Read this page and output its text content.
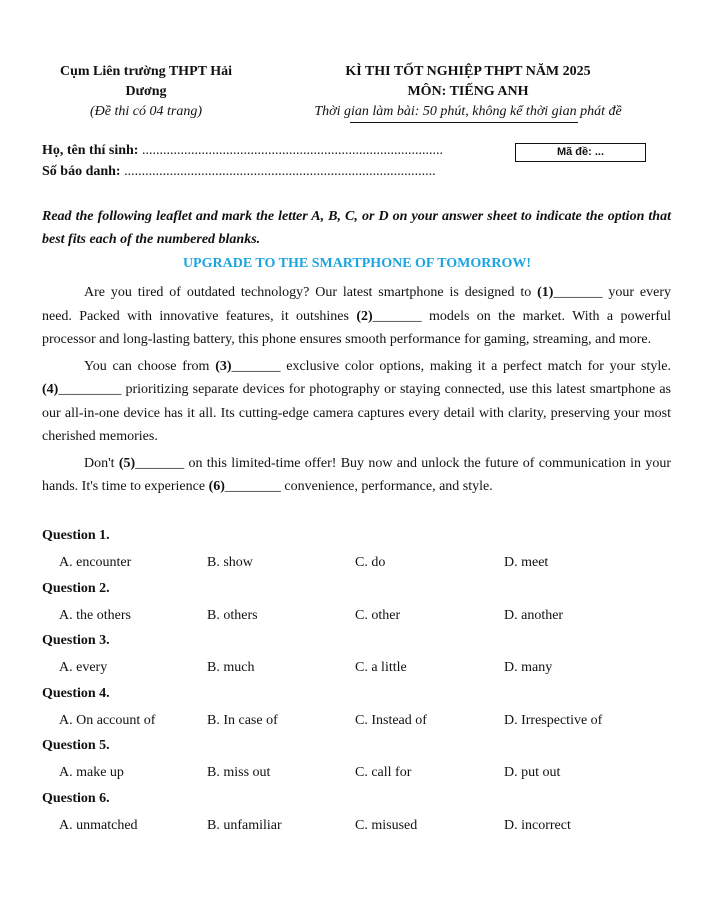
Cụm Liên trường THPT Hải
Dương
(Đề thi có 04 trang)
KÌ THI TỐT NGHIỆP THPT NĂM 2025
MÔN: TIẾNG ANH
Thời gian làm bài: 50 phút, không kể thời gian phát đề
Họ, tên thí sinh: ......................................................................................
Số báo danh: .........................................................................................
Mã đề: ...
Read the following leaflet and mark the letter A, B, C, or D on your answer sheet to indicate the option that best fits each of the numbered blanks.
UPGRADE TO THE SMARTPHONE OF TOMORROW!

Are you tired of outdated technology? Our latest smartphone is designed to (1)_______ your every need. Packed with innovative features, it outshines (2)_______ models on the market. With a powerful processor and long-lasting battery, this phone ensures smooth performance for gaming, streaming, and more.

You can choose from (3)_______ exclusive color options, making it a perfect match for your style. (4)_________ prioritizing separate devices for photography or staying connected, use this latest smartphone as our all-in-one device has it all. Its cutting-edge camera captures every detail with clarity, preserving your most cherished memories.

Don't (5)_______ on this limited-time offer! Buy now and unlock the future of communication in your hands. It's time to experience (6)________ convenience, performance, and style.

Question 1.
A. encounter	B. show	C. do	D. meet
Question 2.
A. the others	B. others	C. other	D. another
Question 3.
A. every	B. much	C. a little	D. many
Question 4.
A. On account of	B. In case of	C. Instead of	D. Irrespective of
Question 5.
A. make up	B. miss out	C. call for	D. put out
Question 6.
A. unmatched	B. unfamiliar	C. misused	D. incorrect
